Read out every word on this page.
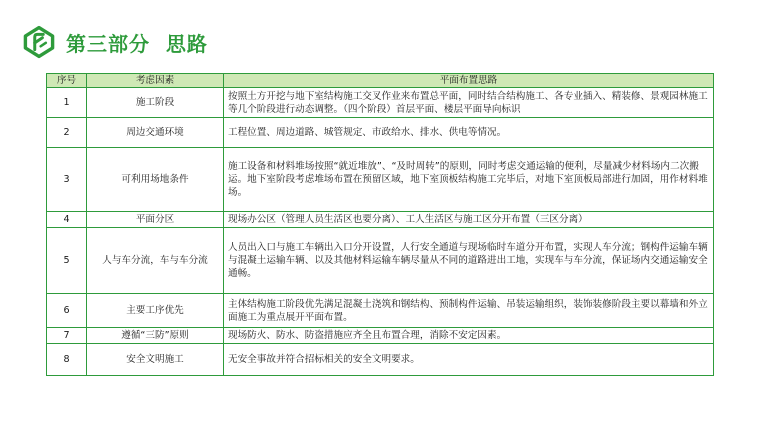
第三部分  思路
序号	考虑因素	平面布置思路
1	施工阶段	按照土方开挖与地下室结构施工交叉作业来布置总平面，同时结合结构施工、各专业插入、精装修、景观园林施工等几个阶段进行动态调整。（四个阶段）首层平面、楼层平面导向标识
2	周边交通环境	工程位置、周边道路、城管规定、市政给水、排水、供电等情况。
3	可利用场地条件	施工设备和材料堆场按照“就近堆放”、“及时周转”的原则，同时考虑交通运输的便利，尽量减少材料场内二次搬运。地下室阶段考虑堆场布置在预留区域，地下室顶板结构施工完毕后，对地下室顶板局部进行加固，用作材料堆场。
4	平面分区	现场办公区（管理人员生活区也要分离）、工人生活区与施工区分开布置（三区分离）
5	人与车分流，车与车分流	人员出入口与施工车辆出入口分开设置，人行安全通道与现场临时车道分开布置，实现人车分流；钢构件运输车辆与混凝土运输车辆、以及其他材料运输车辆尽量从不同的道路进出工地，实现车与车分流，保证场内交通运输安全通畅。
6	主要工序优先	主体结构施工阶段优先满足混凝土浇筑和钢结构、预制构件运输、吊装运输组织，装饰装修阶段主要以幕墙和外立面施工为重点展开平面布置。
7	遵循“三防”原则	现场防火、防水、防盗措施应齐全且布置合理，消除不安定因素。
8	安全文明施工	无安全事故并符合招标相关的安全文明要求。
